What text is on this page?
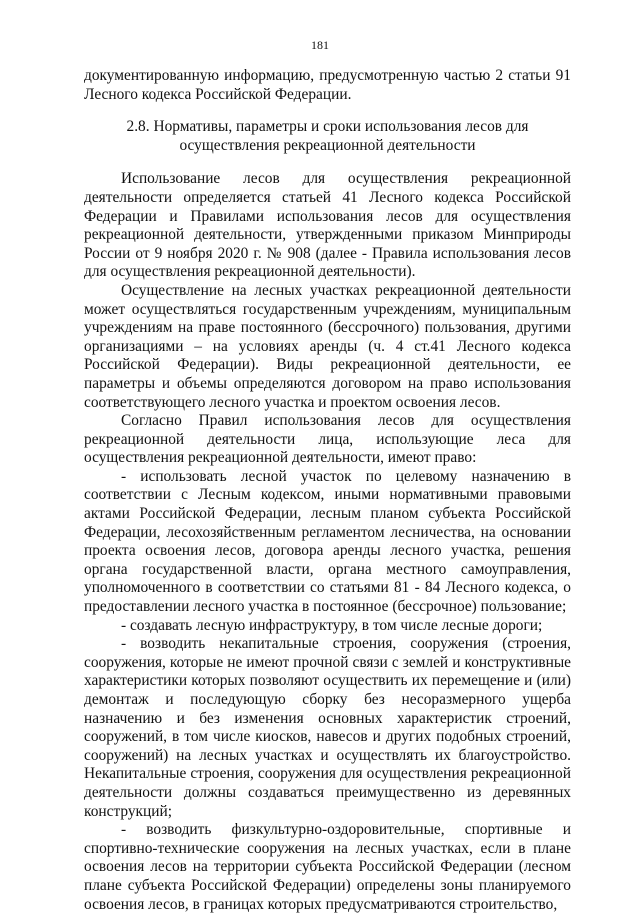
181

документированную информацию, предусмотренную частью 2 статьи 91 Лесного кодекса Российской Федерации.

2.8. Нормативы, параметры и сроки использования лесов для осуществления рекреационной деятельности

Использование лесов для осуществления рекреационной деятельности определяется статьей 41 Лесного кодекса Российской Федерации и Правилами использования лесов для осуществления рекреационной деятельности, утвержденными приказом Минприроды России от 9 ноября 2020 г. № 908 (далее - Правила использования лесов для осуществления рекреационной деятельности).

Осуществление на лесных участках рекреационной деятельности может осуществляться государственным учреждениям, муниципальным учреждениям на праве постоянного (бессрочного) пользования, другими организациями – на условиях аренды (ч. 4 ст.41 Лесного кодекса Российской Федерации). Виды рекреационной деятельности, ее параметры и объемы определяются договором на право использования соответствующего лесного участка и проектом освоения лесов.

Согласно Правил использования лесов для осуществления рекреационной деятельности лица, использующие леса для осуществления рекреационной деятельности, имеют право:

- использовать лесной участок по целевому назначению в соответствии с Лесным кодексом, иными нормативными правовыми актами Российской Федерации, лесным планом субъекта Российской Федерации, лесохозяйственным регламентом лесничества, на основании проекта освоения лесов, договора аренды лесного участка, решения органа государственной власти, органа местного самоуправления, уполномоченного в соответствии со статьями 81 - 84 Лесного кодекса, о предоставлении лесного участка в постоянное (бессрочное) пользование;

- создавать лесную инфраструктуру, в том числе лесные дороги;

- возводить некапитальные строения, сооружения (строения, сооружения, которые не имеют прочной связи с землей и конструктивные характеристики которых позволяют осуществить их перемещение и (или) демонтаж и последующую сборку без несоразмерного ущерба назначению и без изменения основных характеристик строений, сооружений, в том числе киосков, навесов и других подобных строений, сооружений) на лесных участках и осуществлять их благоустройство. Некапитальные строения, сооружения для осуществления рекреационной деятельности должны создаваться преимущественно из деревянных конструкций;

- возводить физкультурно-оздоровительные, спортивные и спортивно-технические сооружения на лесных участках, если в плане освоения лесов на территории субъекта Российской Федерации (лесном плане субъекта Российской Федерации) определены зоны планируемого освоения лесов, в границах которых предусматриваются строительство,
